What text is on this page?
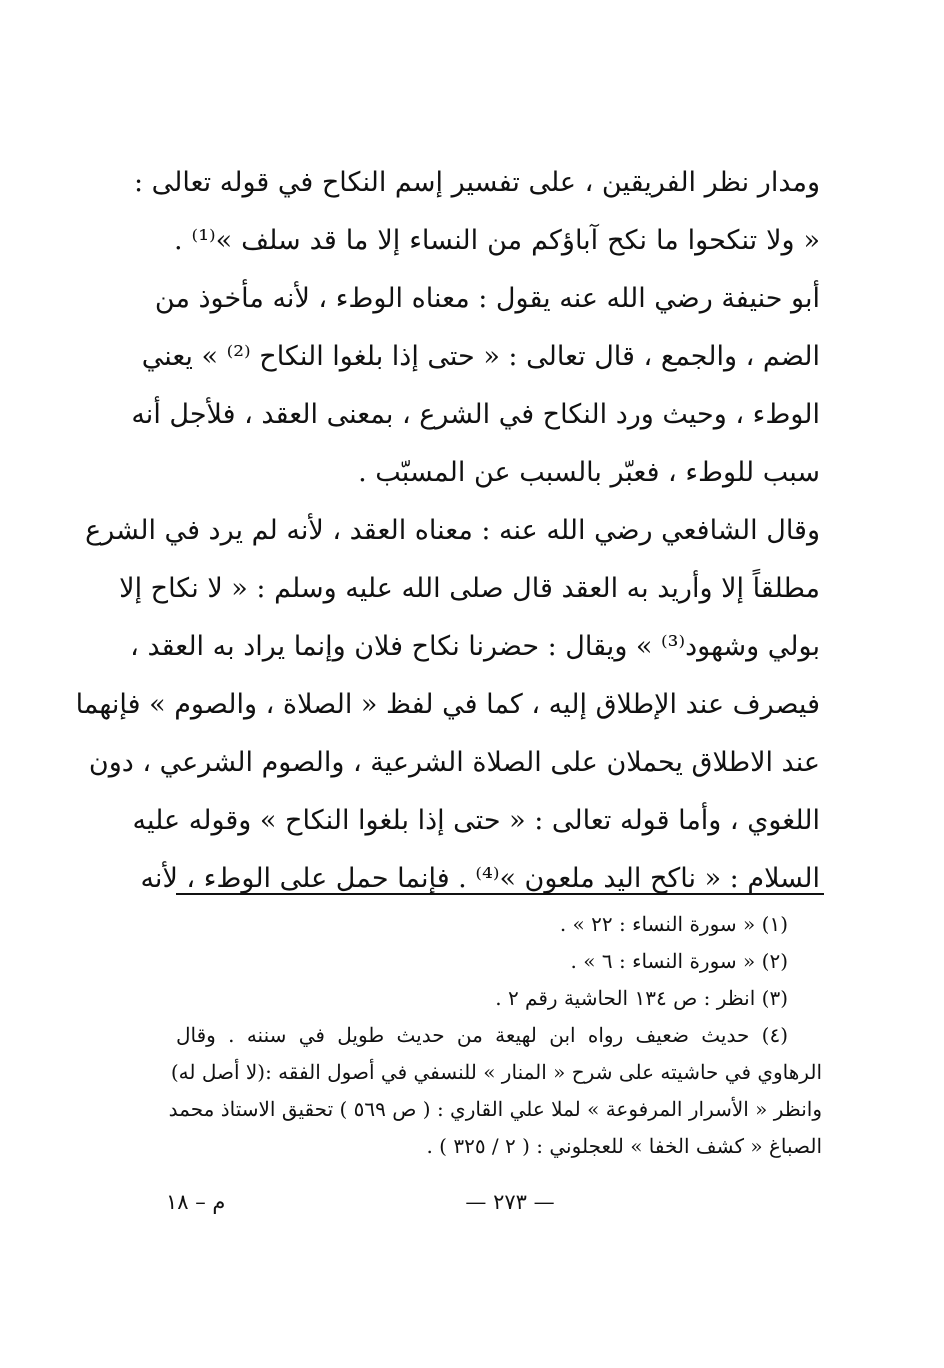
ومدار نظر الفريقين ، على تفسير إسم النكاح في قوله تعالى :
« ولا تنكحوا ما نكح آباؤكم من النساء إلا ما قد سلف »⁽¹⁾ .
أبو حنيفة رضي الله عنه يقول : معناه الوطء ، لأنه مأخوذ من
الضم ، والجمع ، قال تعالى : « حتى إذا بلغوا النكاح ⁽²⁾ » يعني
الوطء ، وحيث ورد النكاح في الشرع ، بمعنى العقد ، فلأجل أنه
سبب للوطء ، فعبّر بالسبب عن المسبّب .
وقال الشافعي رضي الله عنه : معناه العقد ، لأنه لم يرد في الشرع
مطلقاً إلا وأريد به العقد قال صلى الله عليه وسلم : « لا نكاح إلا
بولي وشهود⁽³⁾ » ويقال : حضرنا نكاح فلان وإنما يراد به العقد ،
فيصرف عند الإطلاق إليه ، كما في لفظ « الصلاة ، والصوم » فإنهما
عند الاطلاق يحملان على الصلاة الشرعية ، والصوم الشرعي ، دون
اللغوي ، وأما قوله تعالى : « حتى إذا بلغوا النكاح » وقوله عليه
السلام : « ناكح اليد ملعون »⁽⁴⁾ . فإنما حمل على الوطء ، لأنه
(١) « سورة النساء : ٢٢ » .
(٢) « سورة النساء : ٦ » .
(٣) انظر : ص ١٣٤ الحاشية رقم ٢ .
(٤) حديث ضعيف رواه ابن لهيعة من حديث طويل في سننه . وقال
الرهاوي في حاشيته على شرح « المنار » للنسفي في أصول الفقه :(لا أصل له)
وانظر « الأسرار المرفوعة » لملا علي القاري : ( ص ٥٦٩ ) تحقيق الاستاذ محمد
الصباغ « كشف الخفا » للعجلوني : ( ٢ / ٣٢٥ ) .
— ٢٧٣ —
م – ١٨
